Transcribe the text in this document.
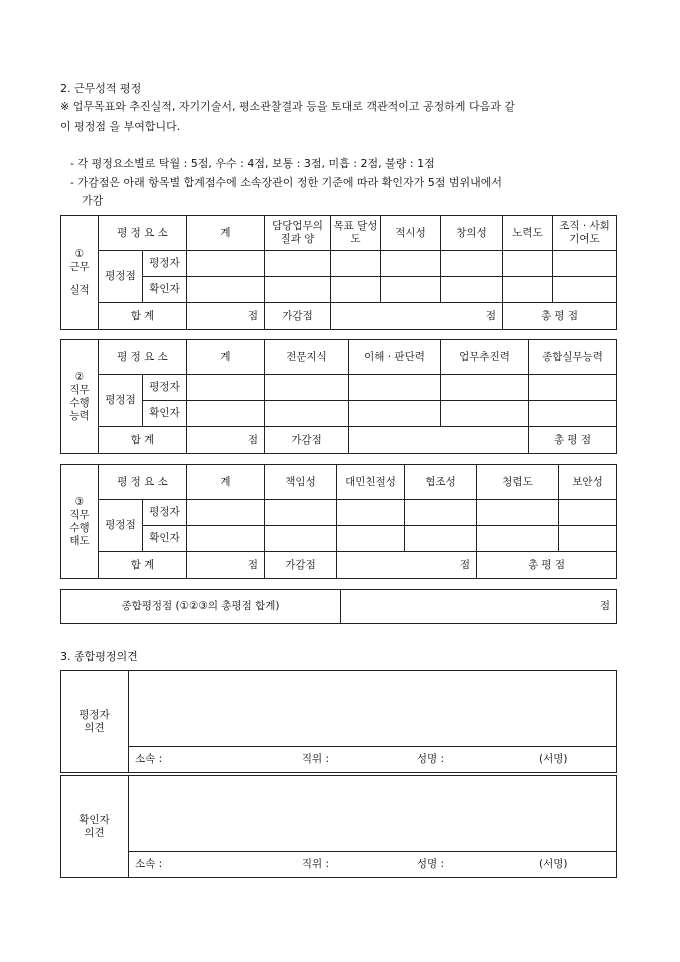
2. 근무성적 평정
※ 업무목표와 추진실적, 자기기술서, 평소관찰결과 등을 토대로 객관적이고 공정하게 다음과 같
이 평정점 을 부여합니다.
- 각 평정요소별로 탁월 : 5점, 우수 : 4점, 보통 : 3점, 미흡 : 2점, 불량 : 1점
- 가감점은 아래 항목별 합계점수에 소속장관이 정한 기준에 따라 확인자가 5점 범위내에서
가감
①
근무
실적	평 정 요 소		계	담당업무의 질과 양	목표 달성도	적시성	창의성	노력도	조직 · 사회 기여도	
	평정점	평정자								
		확인자								
	합 계		점	가감점	점			총 평 점	
②
직무
수행
능력	평 정 요 소		계	전문지식	이해 · 판단력	업무추진력	종합실무능력	
	평정점	평정자						
		확인자						
	합 계		점	가감점			총 평 점	
③
직무
수행
태도	평 정 요 소		계	책임성	대민친절성	협조성	청렴도	보안성	
	평정점	평정자							
		확인자							
	합 계		점	가감점	점		총 평 점	
종합평정점 (①②③의 총평점 합계)	점
3. 종합평정의견
평정자 의견				

	소속 :	직위 :	성명 :	(서명)
확인자 의견				

	소속 :	직위 :	성명 :	(서명)
